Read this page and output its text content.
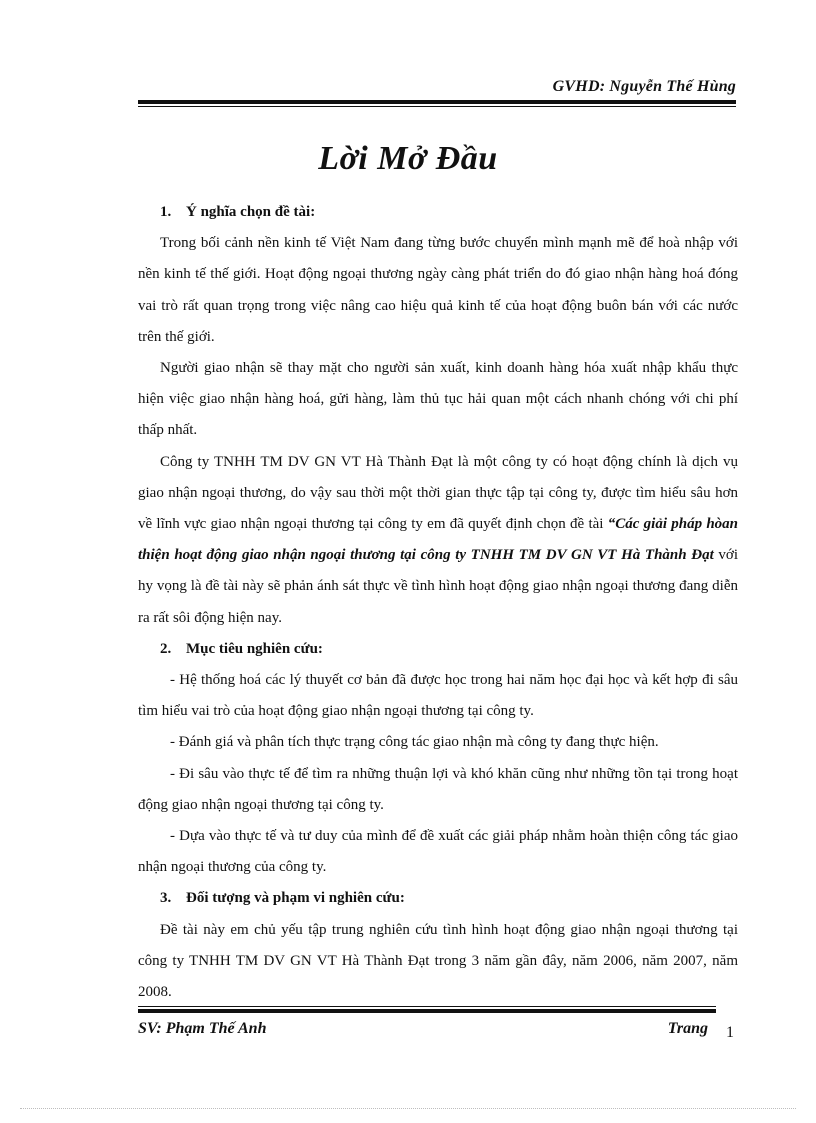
GVHD: Nguyễn Thế Hùng
Lời Mở Đầu

1. Ý nghĩa chọn đề tài:

Trong bối cảnh nền kinh tế Việt Nam đang từng bước chuyển mình mạnh mẽ để hoà nhập với nền kinh tế thế giới. Hoạt động ngoại thương ngày càng phát triển do đó giao nhận hàng hoá đóng vai trò rất quan trọng trong việc nâng cao hiệu quả kinh tế của hoạt động buôn bán với các nước trên thế giới.

Người giao nhận sẽ thay mặt cho người sản xuất, kinh doanh hàng hóa xuất nhập khẩu thực hiện việc giao nhận hàng hoá, gửi hàng, làm thủ tục hải quan một cách nhanh chóng với chi phí thấp nhất.

Công ty TNHH TM DV GN VT Hà Thành Đạt là một công ty có hoạt động chính là dịch vụ giao nhận ngoại thương, do vậy sau thời một thời gian thực tập tại công ty, được tìm hiểu sâu hơn về lĩnh vực giao nhận ngoại thương tại công ty em đã quyết định chọn đề tài “Các giải pháp hòan thiện hoạt động giao nhận ngoại thương tại công ty TNHH TM DV GN VT Hà Thành Đạt với hy vọng là đề tài này sẽ phản ánh sát thực về tình hình hoạt động giao nhận ngoại thương đang diễn ra rất sôi động hiện nay.

2. Mục tiêu nghiên cứu:

- Hệ thống hoá các lý thuyết cơ bản đã được học trong hai năm học đại học và kết hợp đi sâu tìm hiểu vai trò của hoạt động giao nhận ngoại thương tại công ty.

- Đánh giá và phân tích thực trạng công tác giao nhận mà công ty đang thực hiện.

- Đi sâu vào thực tế để tìm ra những thuận lợi và khó khăn cũng như những tồn tại trong hoạt động giao nhận ngoại thương tại công ty.

- Dựa vào thực tế và tư duy của mình để đề xuất các giải pháp nhằm hoàn thiện công tác giao nhận ngoại thương của công ty.

3. Đối tượng và phạm vi nghiên cứu:

Đề tài này em chủ yếu tập trung nghiên cứu tình hình hoạt động giao nhận ngoại thương tại công ty TNHH TM DV GN VT Hà Thành Đạt trong 3 năm gần đây, năm 2006, năm 2007, năm 2008.

SV: Phạm Thế Anh	Trang 1
